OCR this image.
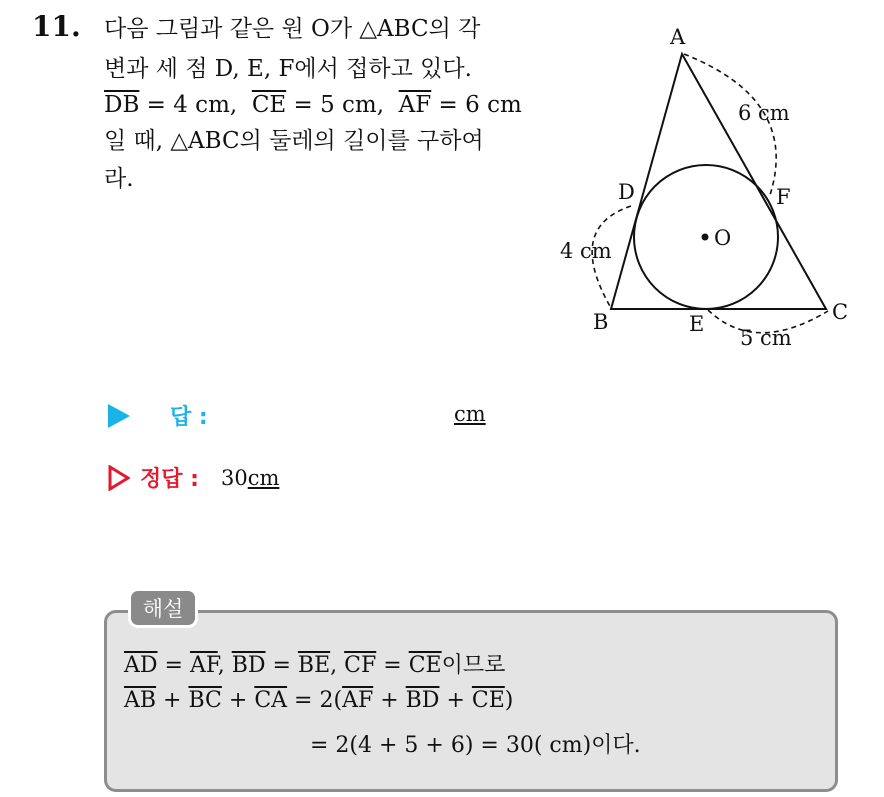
11. 다음 그림과 같은 원 O가 △ABC의 각
변과 세 점 D, E, F에서 접하고 있다.
$\overline{DB} = 4$ cm, $\overline{CE} = 5$ cm, $\overline{AF} = 6$ cm
일 때, △ABC의 둘레의 길이를 구하여
라.
A
B	C
D
E
F
O
6 cm
4 cm
5 cm
답 :	cm
정답 : 30cm
해설
$\overline{AD} = \overline{AF}$, $\overline{BD} = \overline{BE}$, $\overline{CF} = \overline{CE}$이므로
$\overline{AB} + \overline{BC} + \overline{CA} = 2(\overline{AF} + \overline{BD} + \overline{CE})$
= 2(4 + 5 + 6) = 30( cm)이다.
